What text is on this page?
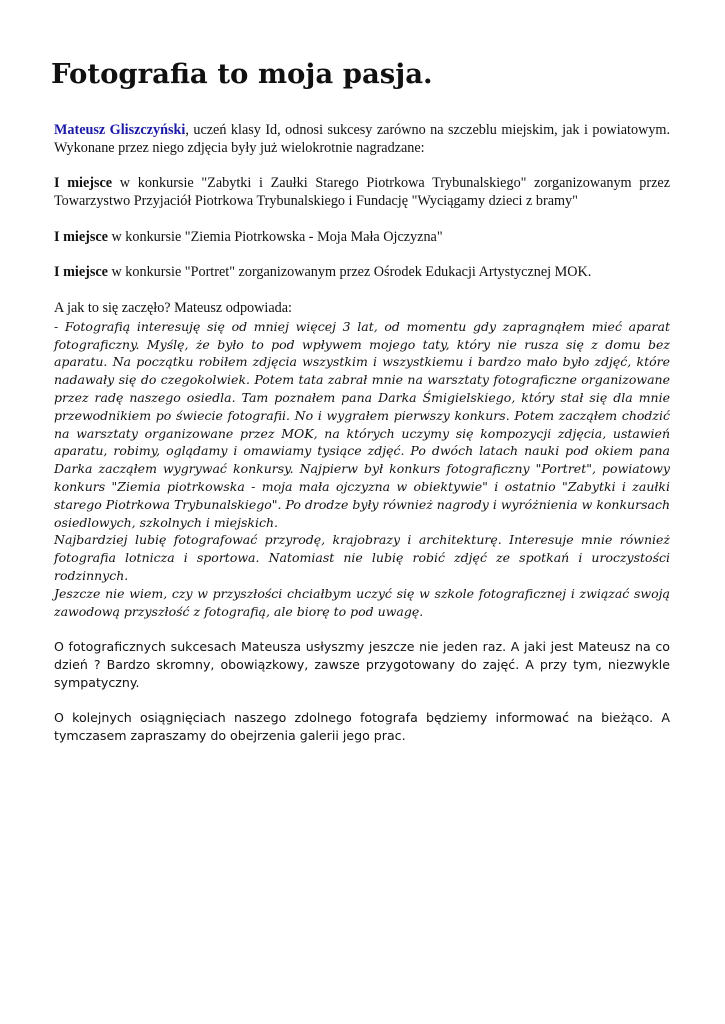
Fotografia to moja pasja.

Mateusz Gliszczyński, uczeń klasy Id, odnosi sukcesy zarówno na szczeblu miejskim, jak i powiatowym. Wykonane przez niego zdjęcia były już wielokrotnie nagradzane:

I miejsce w konkursie "Zabytki i Zaułki Starego Piotrkowa Trybunalskiego" zorganizowanym przez Towarzystwo Przyjaciół Piotrkowa Trybunalskiego i Fundację "Wyciągamy dzieci z bramy"

I miejsce w konkursie "Ziemia Piotrkowska - Moja Mała Ojczyzna"

I miejsce w konkursie "Portret" zorganizowanym przez Ośrodek Edukacji Artystycznej MOK.

A jak to się zaczęło? Mateusz odpowiada:
- Fotografią interesuję się od mniej więcej 3 lat, od momentu gdy zapragnąłem mieć aparat fotograficzny. Myślę, że było to pod wpływem mojego taty, który nie rusza się z domu bez aparatu. Na początku robiłem zdjęcia wszystkim i wszystkiemu i bardzo mało było zdjęć, które nadawały się do czegokolwiek. Potem tata zabrał mnie na warsztaty fotograficzne organizowane przez radę naszego osiedla. Tam poznałem pana Darka Śmigielskiego, który stał się dla mnie przewodnikiem po świecie fotografii. No i wygrałem pierwszy konkurs. Potem zacząłem chodzić na warsztaty organizowane przez MOK, na których uczymy się kompozycji zdjęcia, ustawień aparatu, robimy, oglądamy i omawiamy tysiące zdjęć. Po dwóch latach nauki pod okiem pana Darka zacząłem wygrywać konkursy. Najpierw był konkurs fotograficzny "Portret", powiatowy konkurs "Ziemia piotrkowska - moja mała ojczyzna w obiektywie" i ostatnio "Zabytki i zaułki starego Piotrkowa Trybunalskiego". Po drodze były również nagrody i wyróżnienia w konkursach osiedlowych, szkolnych i miejskich.
Najbardziej lubię fotografować przyrodę, krajobrazy i architekturę. Interesuje mnie również fotografia lotnicza i sportowa. Natomiast nie lubię robić zdjęć ze spotkań i uroczystości rodzinnych.
Jeszcze nie wiem, czy w przyszłości chciałbym uczyć się w szkole fotograficznej i związać swoją zawodową przyszłość z fotografią, ale biorę to pod uwagę.

O fotograficznych sukcesach Mateusza usłyszmy jeszcze nie jeden raz. A jaki jest Mateusz na co dzień ? Bardzo skromny, obowiązkowy, zawsze przygotowany do zajęć. A przy tym, niezwykle sympatyczny.

O kolejnych osiągnięciach naszego zdolnego fotografa będziemy informować na bieżąco. A tymczasem zapraszamy do obejrzenia galerii jego prac.
